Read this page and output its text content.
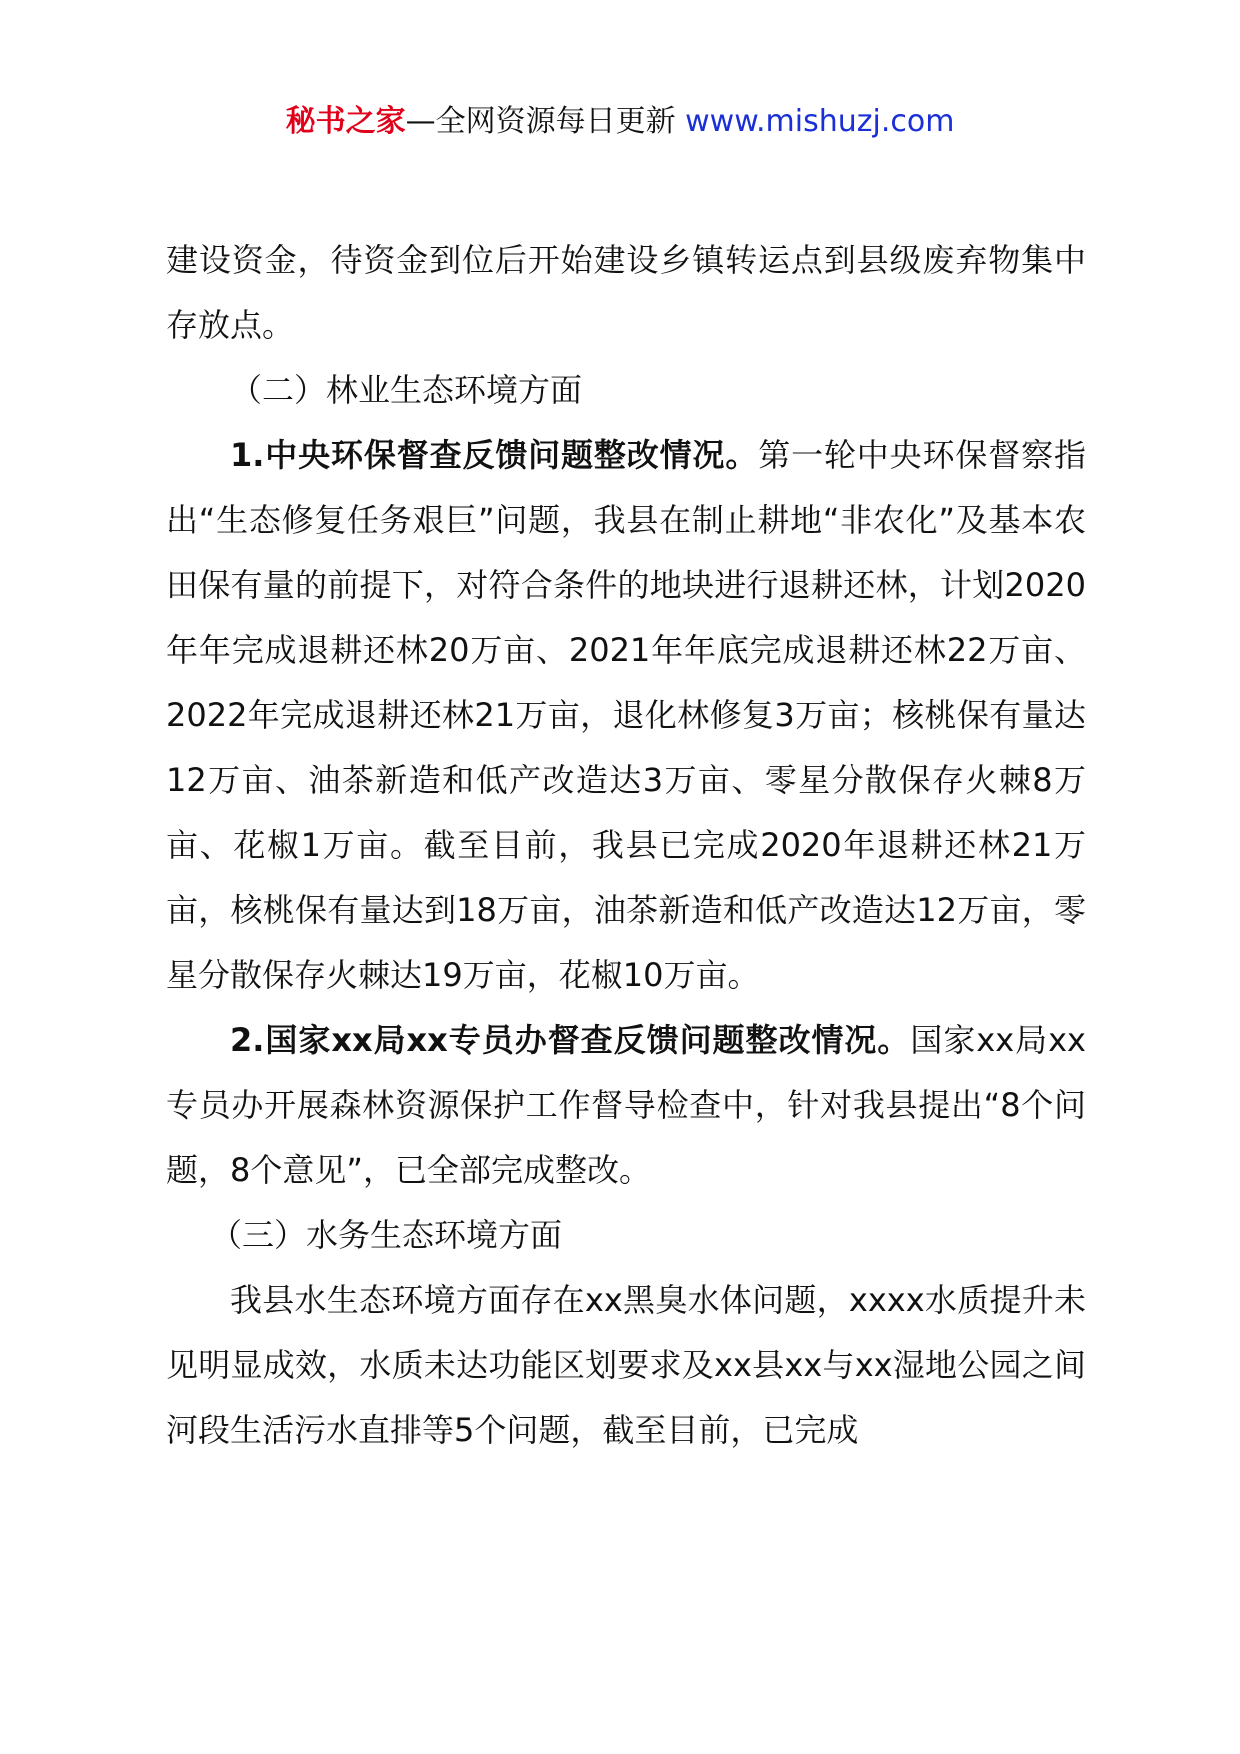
秘书之家—全网资源每日更新 www.mishuzj.com

建设资金，待资金到位后开始建设乡镇转运点到县级废弃物集中存放点。

（二）林业生态环境方面

1.中央环保督查反馈问题整改情况。第一轮中央环保督察指出“生态修复任务艰巨”问题，我县在制止耕地“非农化”及基本农田保有量的前提下，对符合条件的地块进行退耕还林，计划2020年年完成退耕还林20万亩、2021年年底完成退耕还林22万亩、2022年完成退耕还林21万亩，退化林修复3万亩；核桃保有量达12万亩、油茶新造和低产改造达3万亩、零星分散保存火棘8万亩、花椒1万亩。截至目前，我县已完成2020年退耕还林21万亩，核桃保有量达到18万亩，油茶新造和低产改造达12万亩，零星分散保存火棘达19万亩，花椒10万亩。

2.国家xx局xx专员办督查反馈问题整改情况。国家xx局xx专员办开展森林资源保护工作督导检查中，针对我县提出“8个问题，8个意见”，已全部完成整改。

（三）水务生态环境方面

我县水生态环境方面存在xx黑臭水体问题，xxxx水质提升未见明显成效，水质未达功能区划要求及xx县xx与xx湿地公园之间河段生活污水直排等5个问题，截至目前，已完成
